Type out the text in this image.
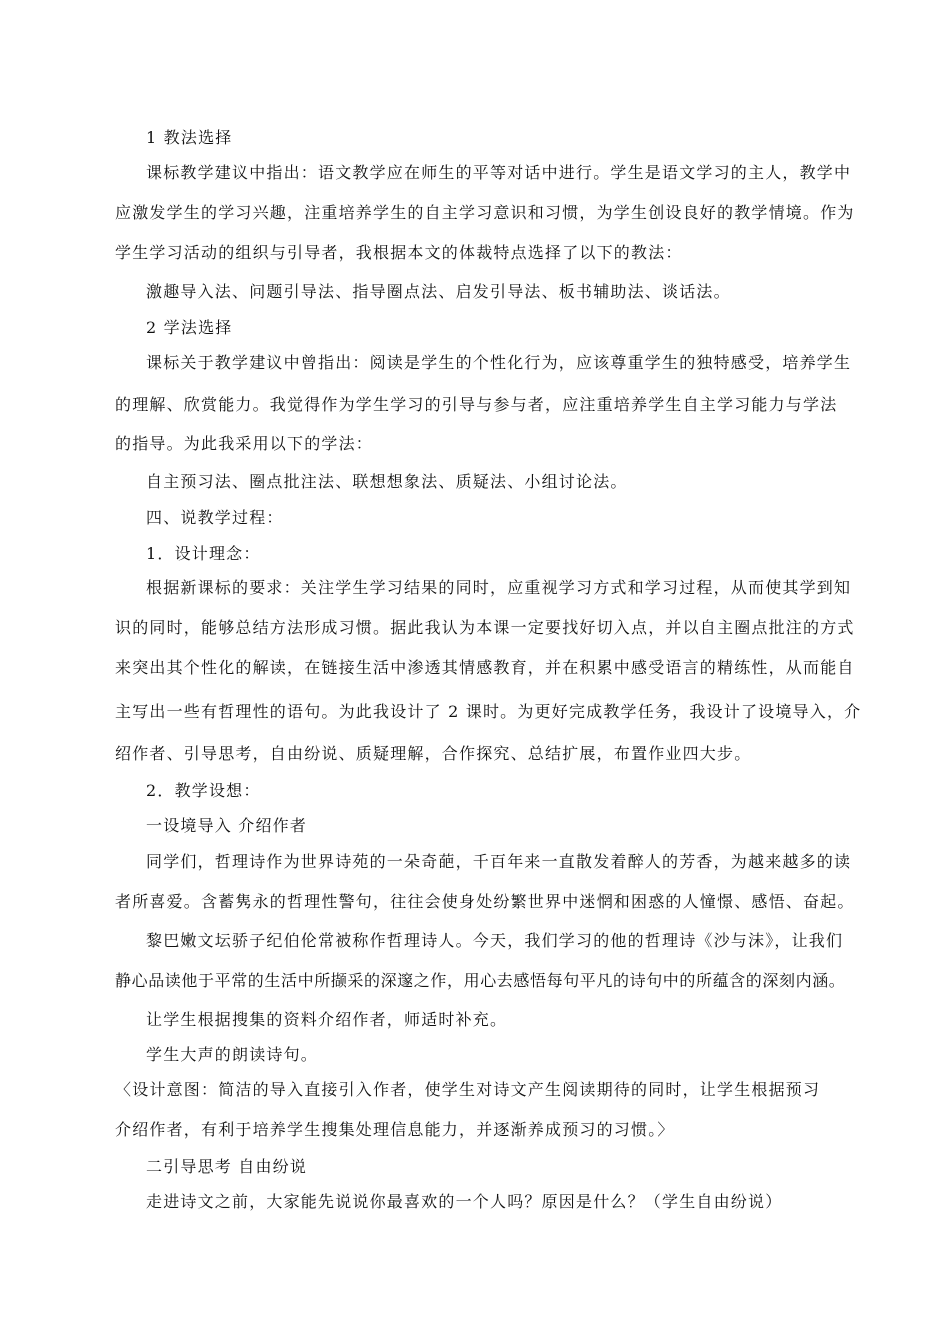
1 教法选择
课标教学建议中指出：语文教学应在师生的平等对话中进行。学生是语文学习的主人，教学中
应激发学生的学习兴趣，注重培养学生的自主学习意识和习惯，为学生创设良好的教学情境。作为
学生学习活动的组织与引导者，我根据本文的体裁特点选择了以下的教法：
激趣导入法、问题引导法、指导圈点法、启发引导法、板书辅助法、谈话法。
2 学法选择
课标关于教学建议中曾指出：阅读是学生的个性化行为，应该尊重学生的独特感受，培养学生
的理解、欣赏能力。我觉得作为学生学习的引导与参与者，应注重培养学生自主学习能力与学法
的指导。为此我采用以下的学法：
自主预习法、圈点批注法、联想想象法、质疑法、小组讨论法。
四、说教学过程：
1．设计理念：
根据新课标的要求：关注学生学习结果的同时，应重视学习方式和学习过程，从而使其学到知
识的同时，能够总结方法形成习惯。据此我认为本课一定要找好切入点，并以自主圈点批注的方式
来突出其个性化的解读，在链接生活中渗透其情感教育，并在积累中感受语言的精练性，从而能自
主写出一些有哲理性的语句。为此我设计了 2 课时。为更好完成教学任务，我设计了设境导入，介
绍作者、引导思考，自由纷说、质疑理解，合作探究、总结扩展，布置作业四大步。
2．教学设想：
一设境导入 介绍作者
同学们，哲理诗作为世界诗苑的一朵奇葩，千百年来一直散发着醉人的芳香，为越来越多的读
者所喜爱。含蓄隽永的哲理性警句，往往会使身处纷繁世界中迷惘和困惑的人憧憬、感悟、奋起。
黎巴嫩文坛骄子纪伯伦常被称作哲理诗人。今天，我们学习的他的哲理诗《沙与沫》，让我们
静心品读他于平常的生活中所撷采的深邃之作，用心去感悟每句平凡的诗句中的所蕴含的深刻内涵。
让学生根据搜集的资料介绍作者，师适时补充。
学生大声的朗读诗句。
〈设计意图：简洁的导入直接引入作者，使学生对诗文产生阅读期待的同时，让学生根据预习
介绍作者，有利于培养学生搜集处理信息能力，并逐渐养成预习的习惯。〉
二引导思考 自由纷说
走进诗文之前，大家能先说说你最喜欢的一个人吗？原因是什么？（学生自由纷说）
